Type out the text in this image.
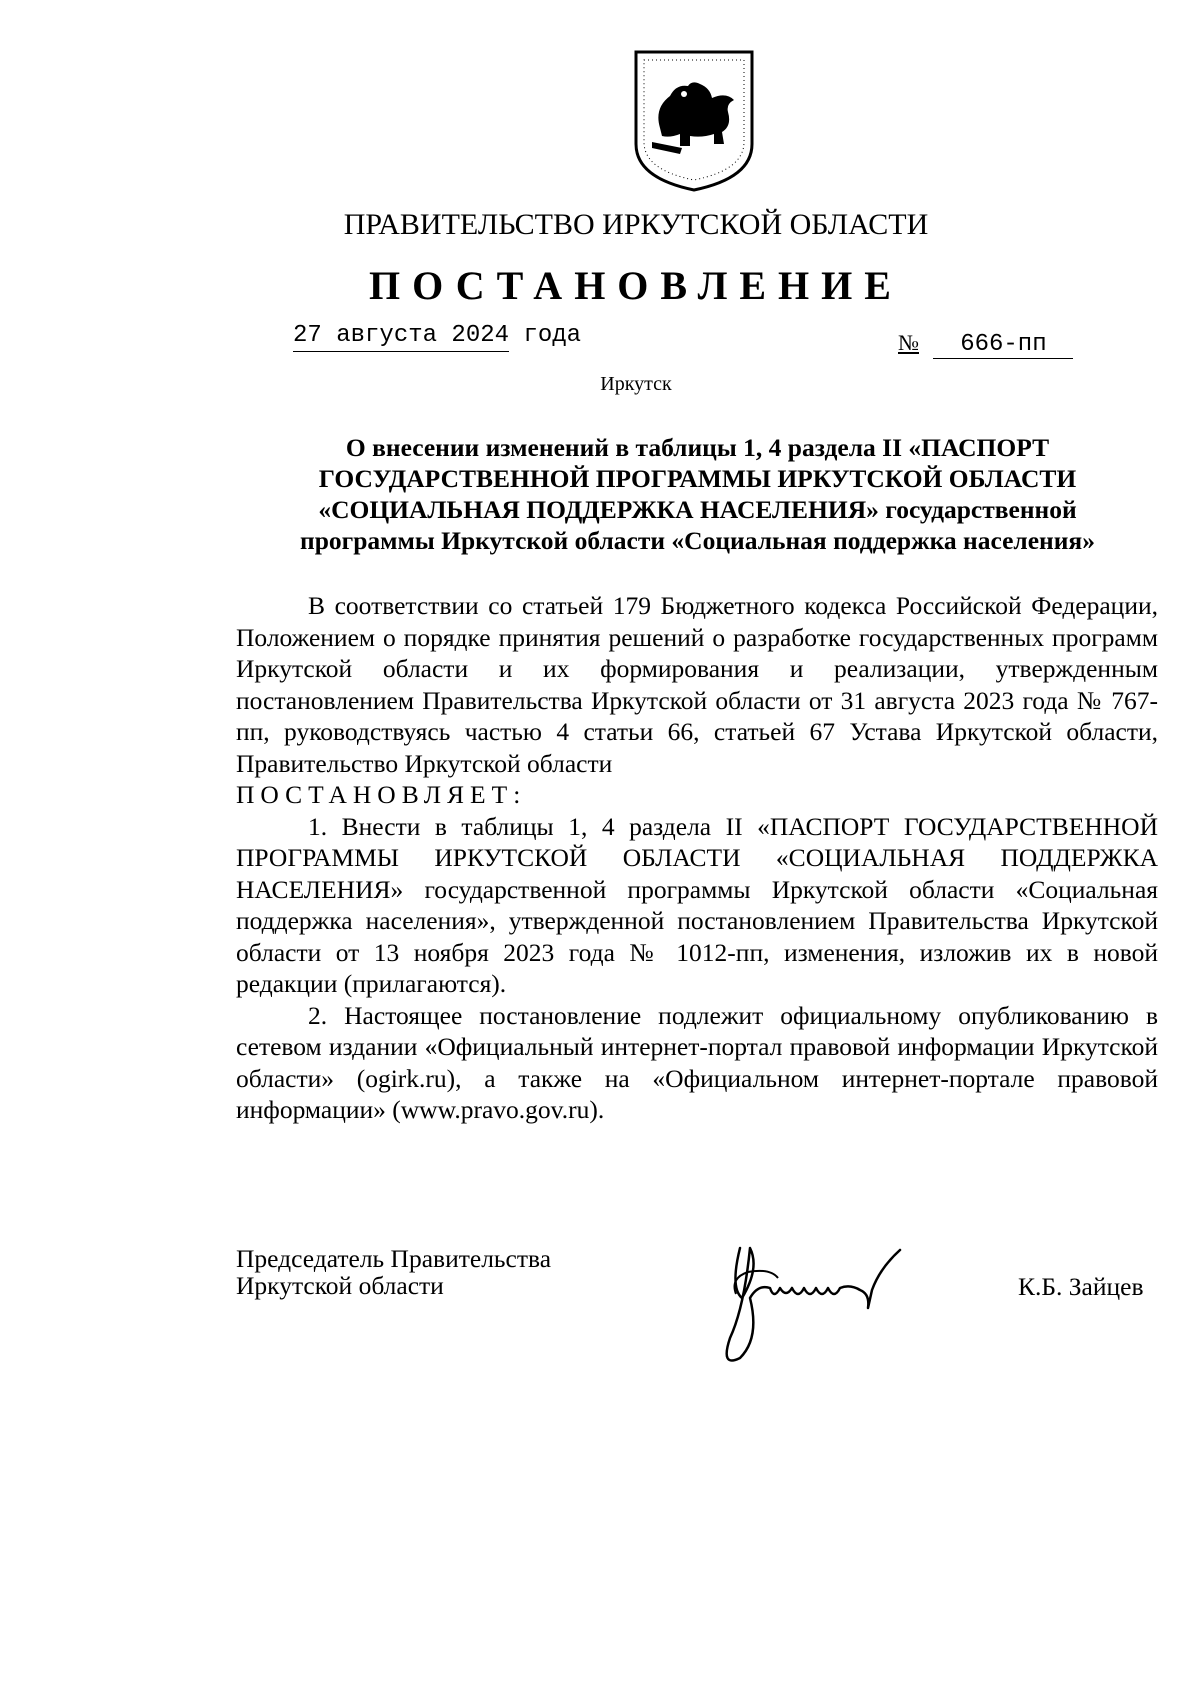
ПРАВИТЕЛЬСТВО ИРКУТСКОЙ ОБЛАСТИ
ПОСТАНОВЛЕНИЕ
27 августа 2024 года	№ 666-пп
Иркутск
О внесении изменений в таблицы 1, 4 раздела II «ПАСПОРТ
ГОСУДАРСТВЕННОЙ ПРОГРАММЫ ИРКУТСКОЙ ОБЛАСТИ
«СОЦИАЛЬНАЯ ПОДДЕРЖКА НАСЕЛЕНИЯ» государственной
программы Иркутской области «Социальная поддержка населения»

В соответствии со статьей 179 Бюджетного кодекса Российской Федерации, Положением о порядке принятия решений о разработке государственных программ Иркутской области и их формирования и реализации, утвержденным постановлением Правительства Иркутской области от 31 августа 2023 года № 767-пп, руководствуясь частью 4 статьи 66, статьей 67 Устава Иркутской области, Правительство Иркутской области

ПОСТАНОВЛЯЕТ:

1. Внести в таблицы 1, 4 раздела II «ПАСПОРТ ГОСУДАРСТВЕННОЙ ПРОГРАММЫ ИРКУТСКОЙ ОБЛАСТИ «СОЦИАЛЬНАЯ ПОДДЕРЖКА НАСЕЛЕНИЯ» государственной программы Иркутской области «Социальная поддержка населения», утвержденной постановлением Правительства Иркутской области от 13 ноября 2023 года № 1012-пп, изменения, изложив их в новой редакции (прилагаются).

2. Настоящее постановление подлежит официальному опубликованию в сетевом издании «Официальный интернет-портал правовой информации Иркутской области» (ogirk.ru), а также на «Официальном интернет-портале правовой информации» (www.pravo.gov.ru).

Председатель Правительства
Иркутской области	К.Б. Зайцев
